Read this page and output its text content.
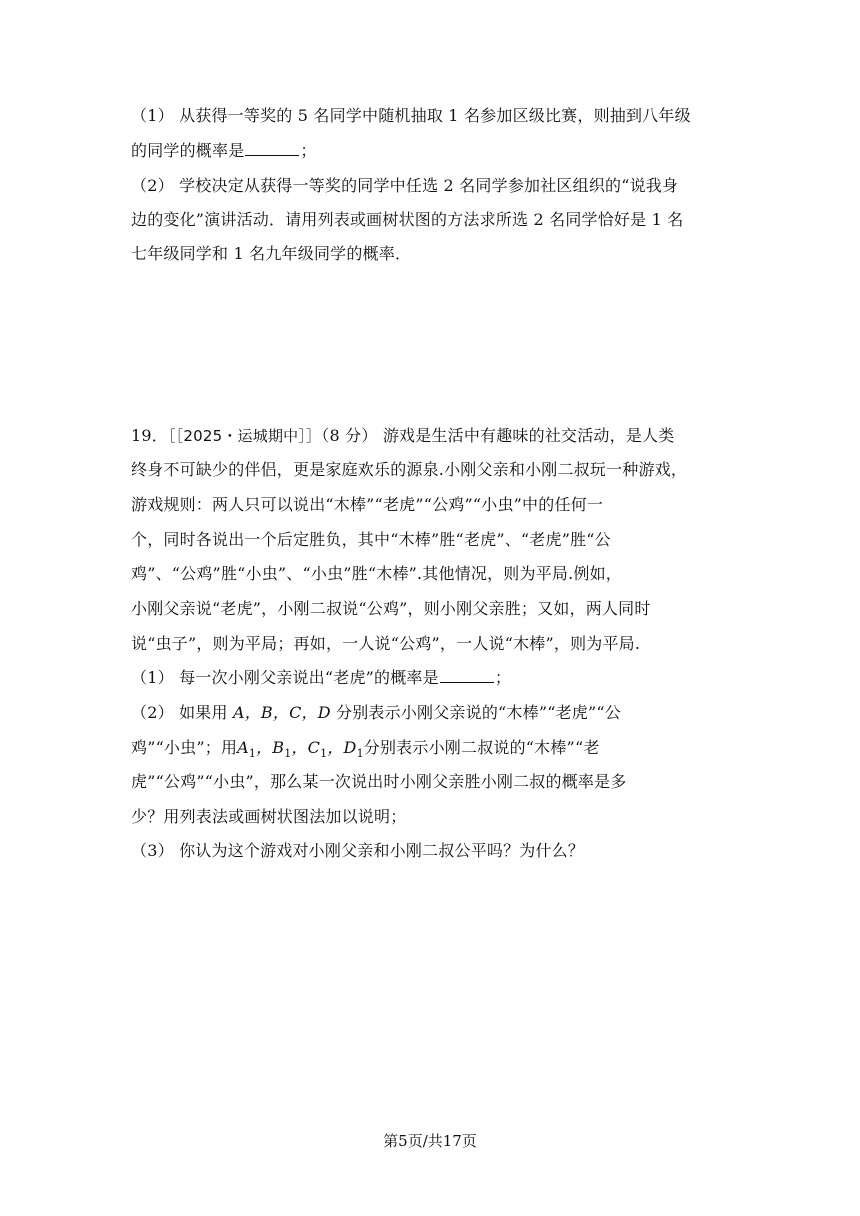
（1） 从获得一等奖的 5 名同学中随机抽取 1 名参加区级比赛，则抽到八年级
的同学的概率是	；
（2） 学校决定从获得一等奖的同学中任选 2 名同学参加社区组织的“说我身
边的变化”演讲活动．请用列表或画树状图的方法求所选 2 名同学恰好是 1 名
七年级同学和 1 名九年级同学的概率．
19．［［2025・运城期中］］（8 分） 游戏是生活中有趣味的社交活动，是人类
终身不可缺少的伴侣，更是家庭欢乐的源泉.小刚父亲和小刚二叔玩一种游戏，
游戏规则：两人只可以说出“木棒”“老虎”“公鸡”“小虫”中的任何一
个，同时各说出一个后定胜负，其中“木棒”胜“老虎”、“老虎”胜“公
鸡”、“公鸡”胜“小虫”、“小虫”胜“木棒”.其他情况，则为平局.例如，
小刚父亲说“老虎”，小刚二叔说“公鸡”，则小刚父亲胜；又如，两人同时
说“虫子”，则为平局；再如，一人说“公鸡”，一人说“木棒”，则为平局.
（1） 每一次小刚父亲说出“老虎”的概率是	；
（2） 如果用 A，B，C，D 分别表示小刚父亲说的“木棒”“老虎”“公
鸡”“小虫”；用$A_1$，$B_1$，$C_1$，$D_1$分别表示小刚二叔说的“木棒”“老
虎”“公鸡”“小虫”，那么某一次说出时小刚父亲胜小刚二叔的概率是多
少？用列表法或画树状图法加以说明；
（3） 你认为这个游戏对小刚父亲和小刚二叔公平吗？为什么？
第5页/共17页
